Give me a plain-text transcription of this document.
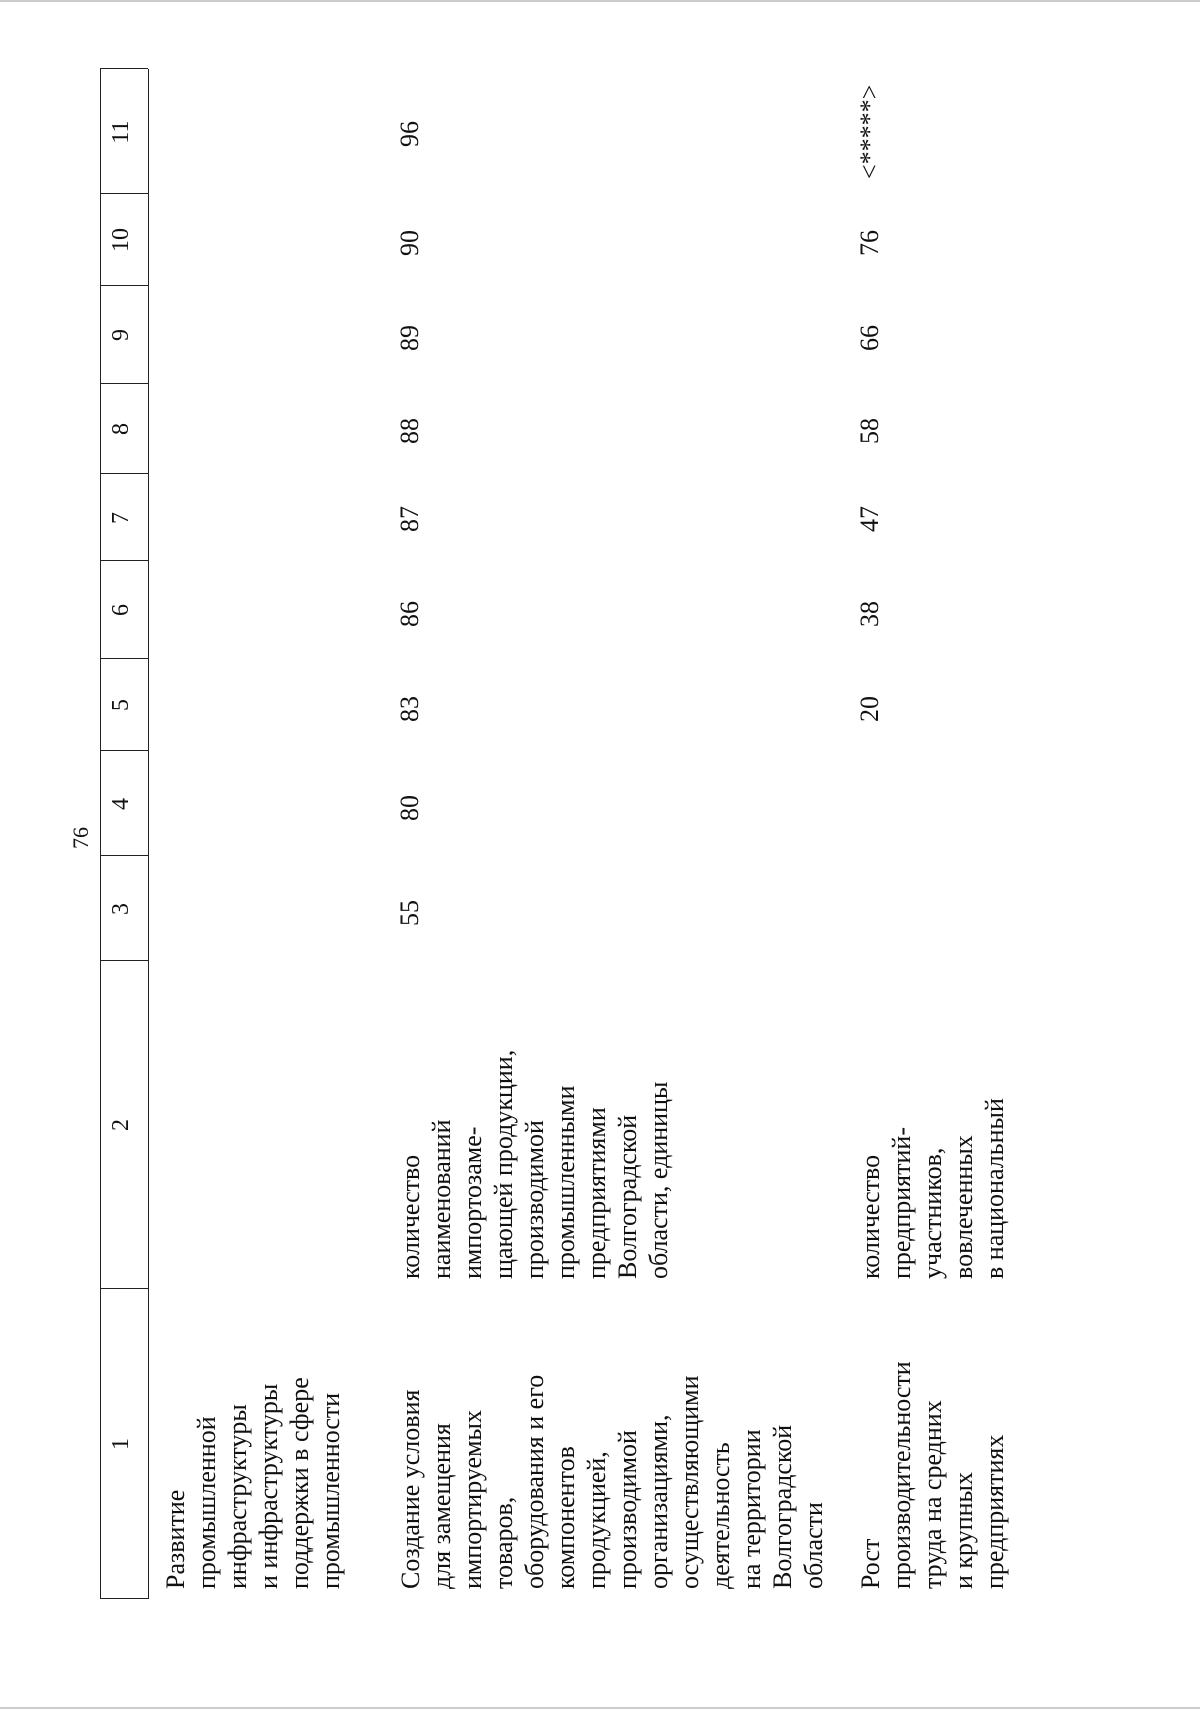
76
1
2
3
4
5
6
7
8
9
10
11
Развитие
промышленной
инфраструктуры
и инфраструктуры
поддержки в сфере
промышленности Создание условия
для замещения
импортируемых
товаров,
оборудования и его
компонентов
продукцией,
производимой
организациями,
осуществляющими
деятельность
на территории
Волгоградской
области
количество
наименований
импортозаме-
щающей продукции,
производимой
промышленными
предприятиями
Волгоградской
области, единицы
55
80
83
86
87
88
89
90
96
Рост
производительности
труда на средних
и крупных
предприятиях
количество
предприятий-
участников,
вовлеченных
в национальный
20
38
47
58
66
76
<*****>
